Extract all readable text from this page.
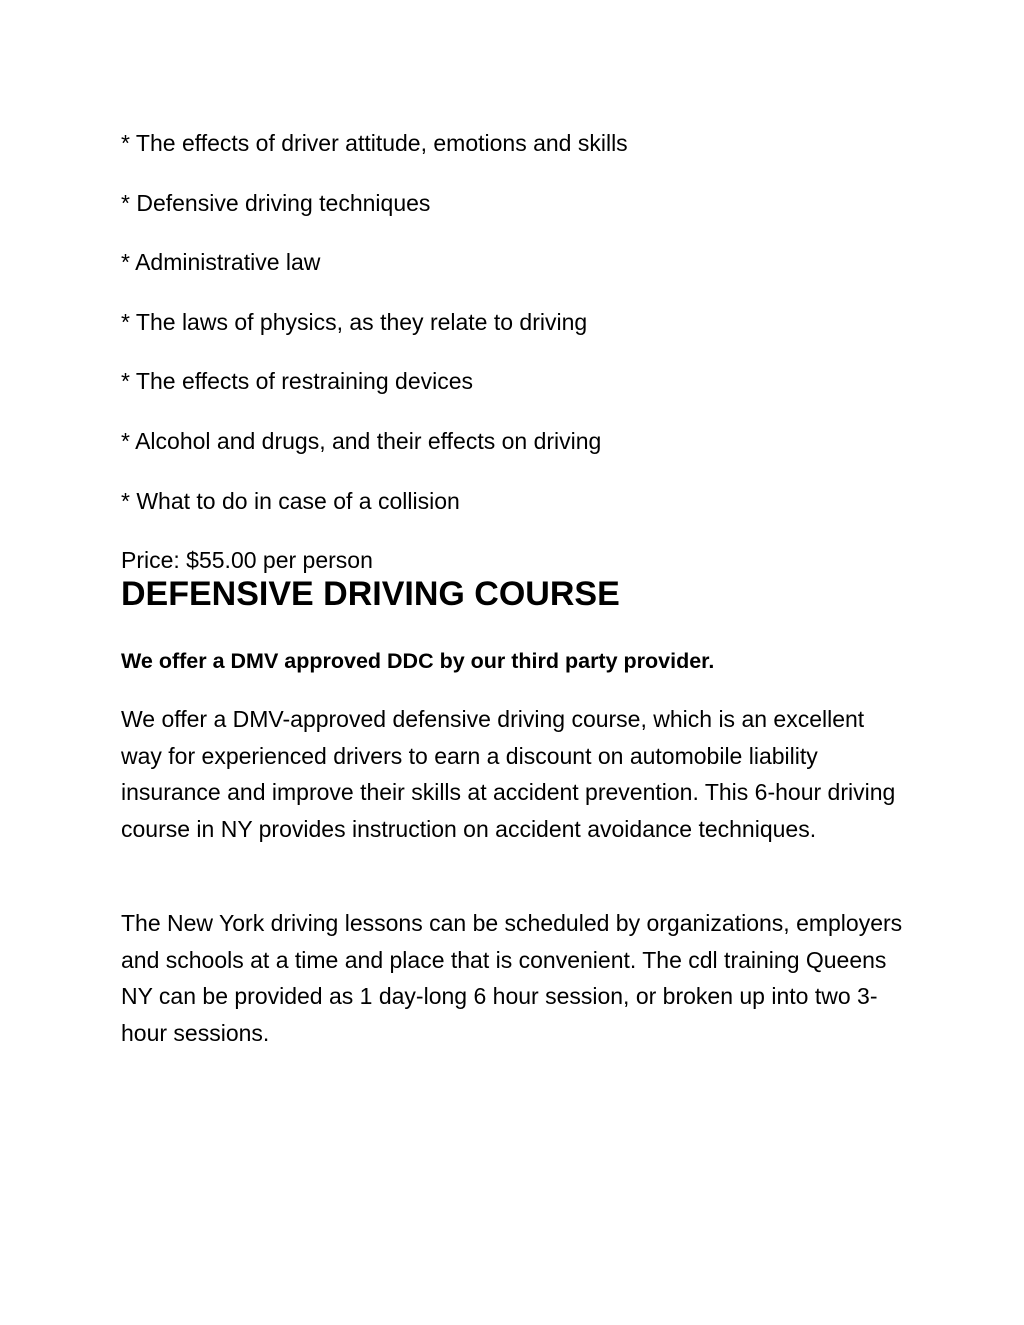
* The effects of driver attitude, emotions and skills
* Defensive driving techniques
* Administrative law
* The laws of physics, as they relate to driving
* The effects of restraining devices
* Alcohol and drugs, and their effects on driving
* What to do in case of a collision
Price: $55.00 per person
DEFENSIVE DRIVING COURSE
We offer a DMV approved DDC by our third party provider.

We offer a DMV-approved defensive driving course, which is an excellent way for experienced drivers to earn a discount on automobile liability insurance and improve their skills at accident prevention. This 6-hour driving course in NY provides instruction on accident avoidance techniques.

The New York driving lessons can be scheduled by organizations, employers and schools at a time and place that is convenient. The cdl training Queens NY can be provided as 1 day-long 6 hour session, or broken up into two 3-hour sessions.
